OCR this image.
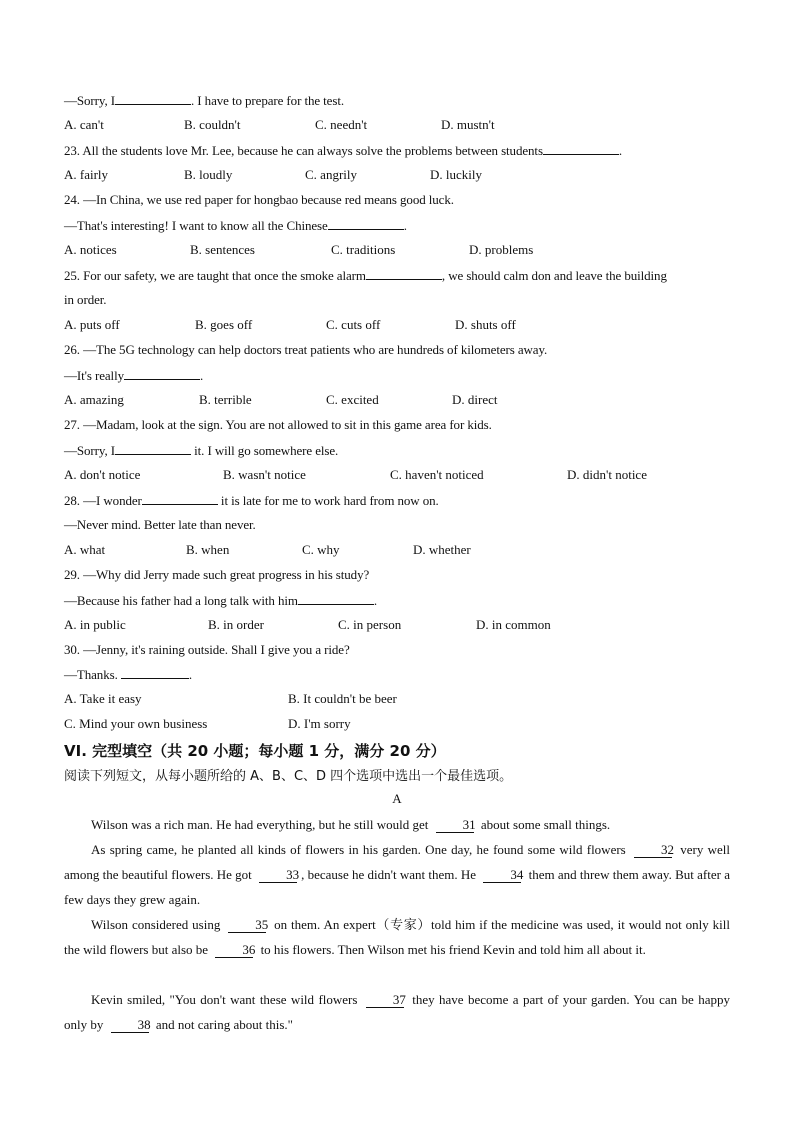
—Sorry, I	. I have to prepare for the test.
A. can't	B. couldn't	C. needn't	D. mustn't
23. All the students love Mr. Lee, because he can always solve the problems between students	.
A. fairly	B. loudly	C. angrily	D. luckily
24. —In China, we use red paper for hongbao because red means good luck.
—That's interesting! I want to know all the Chinese	.
A. notices	B. sentences	C. traditions	D. problems
25. For our safety, we are taught that once the smoke alarm	, we should calm don and leave the building
in order.
A. puts off	B. goes off	C. cuts off	D. shuts off
26. —The 5G technology can help doctors treat patients who are hundreds of kilometers away.
—It's really	.
A. amazing	B. terrible	C. excited	D. direct
27. —Madam, look at the sign. You are not allowed to sit in this game area for kids.
—Sorry, I	it. I will go somewhere else.
A. don't notice	B. wasn't notice	C. haven't noticed	D. didn't notice
28. —I wonder	it is late for me to work hard from now on.
—Never mind. Better late than never.
A. what	B. when	C. why	D. whether
29. —Why did Jerry made such great progress in his study?
—Because his father had a long talk with him	.
A. in public	B. in order	C. in person	D. in common
30. —Jenny, it's raining outside. Shall I give you a ride?
—Thanks.	.
A. Take it easy	B. It couldn't be beer
C. Mind your own business	D. I'm sorry
VI. 完型填空（共 20 小题；每小题 1 分，满分 20 分）
阅读下列短文，从每小题所给的 A、B、C、D 四个选项中选出一个最佳选项。
A
Wilson was a rich man. He had everything, but he still would get 31 about some small things.
As spring came, he planted all kinds of flowers in his garden. One day, he found some wild flowers 32 very well among the beautiful flowers. He got 33 , because he didn't want them. He 34 them and threw them away. But after a few days they grew again.
Wilson considered using 35 on them. An expert（专家）told him if the medicine was used, it would not only kill the wild flowers but also be 36 to his flowers. Then Wilson met his friend Kevin and told him all about it.
Kevin smiled, "You don't want these wild flowers 37 they have become a part of your garden. You can be happy only by 38 and not caring about this."
